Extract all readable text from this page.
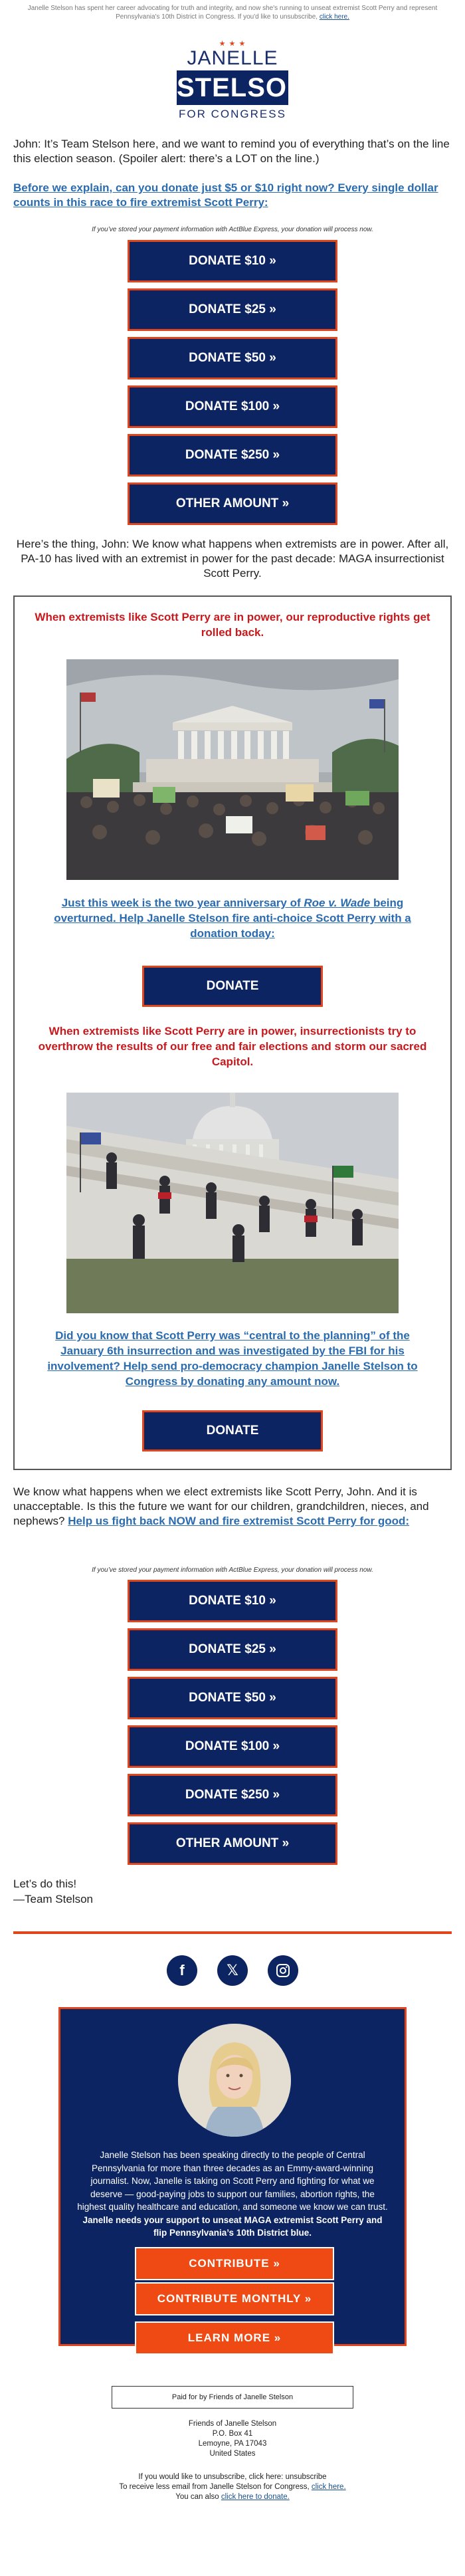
Janelle Stelson has spent her career advocating for truth and integrity, and now she's running to unseat extremist Scott Perry and represent Pennsylvania's 10th District in Congress. If you'd like to unsubscribe, click here.
★ ★ ★
JANELLE
STELSON
FOR CONGRESS
John: It’s Team Stelson here, and we want to remind you of everything that’s on the line this election season. (Spoiler alert: there’s a LOT on the line.)
Before we explain, can you donate just $5 or $10 right now? Every single dollar counts in this race to fire extremist Scott Perry:
If you’ve stored your payment information with ActBlue Express, your donation will process now.
DONATE $10 »
DONATE $25 »
DONATE $50 »
DONATE $100 »
DONATE $250 »
OTHER AMOUNT »
Here’s the thing, John: We know what happens when extremists are in power. After all, PA-10 has lived with an extremist in power for the past decade: MAGA insurrectionist Scott Perry.
When extremists like Scott Perry are in power, our reproductive rights get rolled back.
Just this week is the two year anniversary of Roe v. Wade being overturned. Help Janelle Stelson fire anti-choice Scott Perry with a donation today:
DONATE
When extremists like Scott Perry are in power, insurrectionists try to overthrow the results of our free and fair elections and storm our sacred Capitol.
Did you know that Scott Perry was “central to the planning” of the January 6th insurrection and was investigated by the FBI for his involvement? Help send pro-democracy champion Janelle Stelson to Congress by donating any amount now.
DONATE
We know what happens when we elect extremists like Scott Perry, John. And it is unacceptable. Is this the future we want for our children, grandchildren, nieces, and nephews? Help us fight back NOW and fire extremist Scott Perry for good:
If you’ve stored your payment information with ActBlue Express, your donation will process now.
DONATE $10 »
DONATE $25 »
DONATE $50 »
DONATE $100 »
DONATE $250 »
OTHER AMOUNT »
Let’s do this!
—Team Stelson
f	𝕏
Janelle Stelson has been speaking directly to the people of Central Pennsylvania for more than three decades as an Emmy-award-winning journalist. Now, Janelle is taking on Scott Perry and fighting for what we deserve — good-paying jobs to support our families, abortion rights, the highest quality healthcare and education, and someone we know we can trust. Janelle needs your support to unseat MAGA extremist Scott Perry and flip Pennsylvania’s 10th District blue.
CONTRIBUTE »
CONTRIBUTE MONTHLY »
LEARN MORE »
Paid for by Friends of Janelle Stelson
Friends of Janelle Stelson
P.O. Box 41
Lemoyne, PA 17043
United States
If you would like to unsubscribe, click here: unsubscribe
To receive less email from Janelle Stelson for Congress, click here.
You can also click here to donate.
